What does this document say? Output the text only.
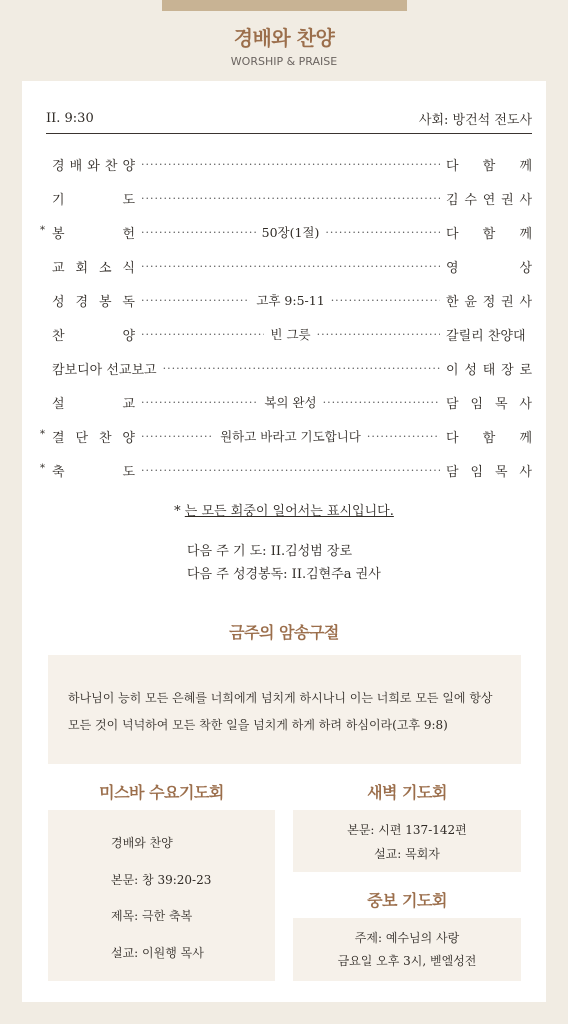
경배와 찬양
WORSHIP & PRAISE
II. 9:30	사회: 방건석 전도사
경 배 와 찬 양 ·····	다 함 께
기	도 ·····	김 수 연 권 사
* 봉	헌 ·····	50장(1절) ·····	다 함 께
교 회 소 식 ·····	영	상
성 경 봉 독 ·····	고후 9:5-11 ·····	한 윤 정 권 사
찬	양 ·····	빈 그릇 ·····	갈릴리 찬양대
캄보디아 선교보고 ·····	이 성 태 장 로
설	교 ·····	복의 완성 ·····	담 임 목 사
* 결 단 찬 양 ·····	원하고 바라고 기도합니다 ·····	다 함 께
* 축	도 ·····	담 임 목 사
* 는 모든 회중이 일어서는 표시입니다.
다음 주 기 도: II.김성범 장로
다음 주 성경봉독: II.김현주a 권사
금주의 암송구절
하나님이 능히 모든 은혜를 너희에게 넘치게 하시나니 이는 너희로 모든 일에 항상
모든 것이 넉넉하여 모든 착한 일을 넘치게 하게 하려 하심이라(고후 9:8)
미스바 수요기도회
경배와 찬양
본문: 창 39:20-23
제목: 극한 축복
설교: 이원행 목사
새벽 기도회
본문: 시편 137-142편
설교: 목회자
중보 기도회
주제: 예수님의 사랑
금요일 오후 3시, 벧엘성전
